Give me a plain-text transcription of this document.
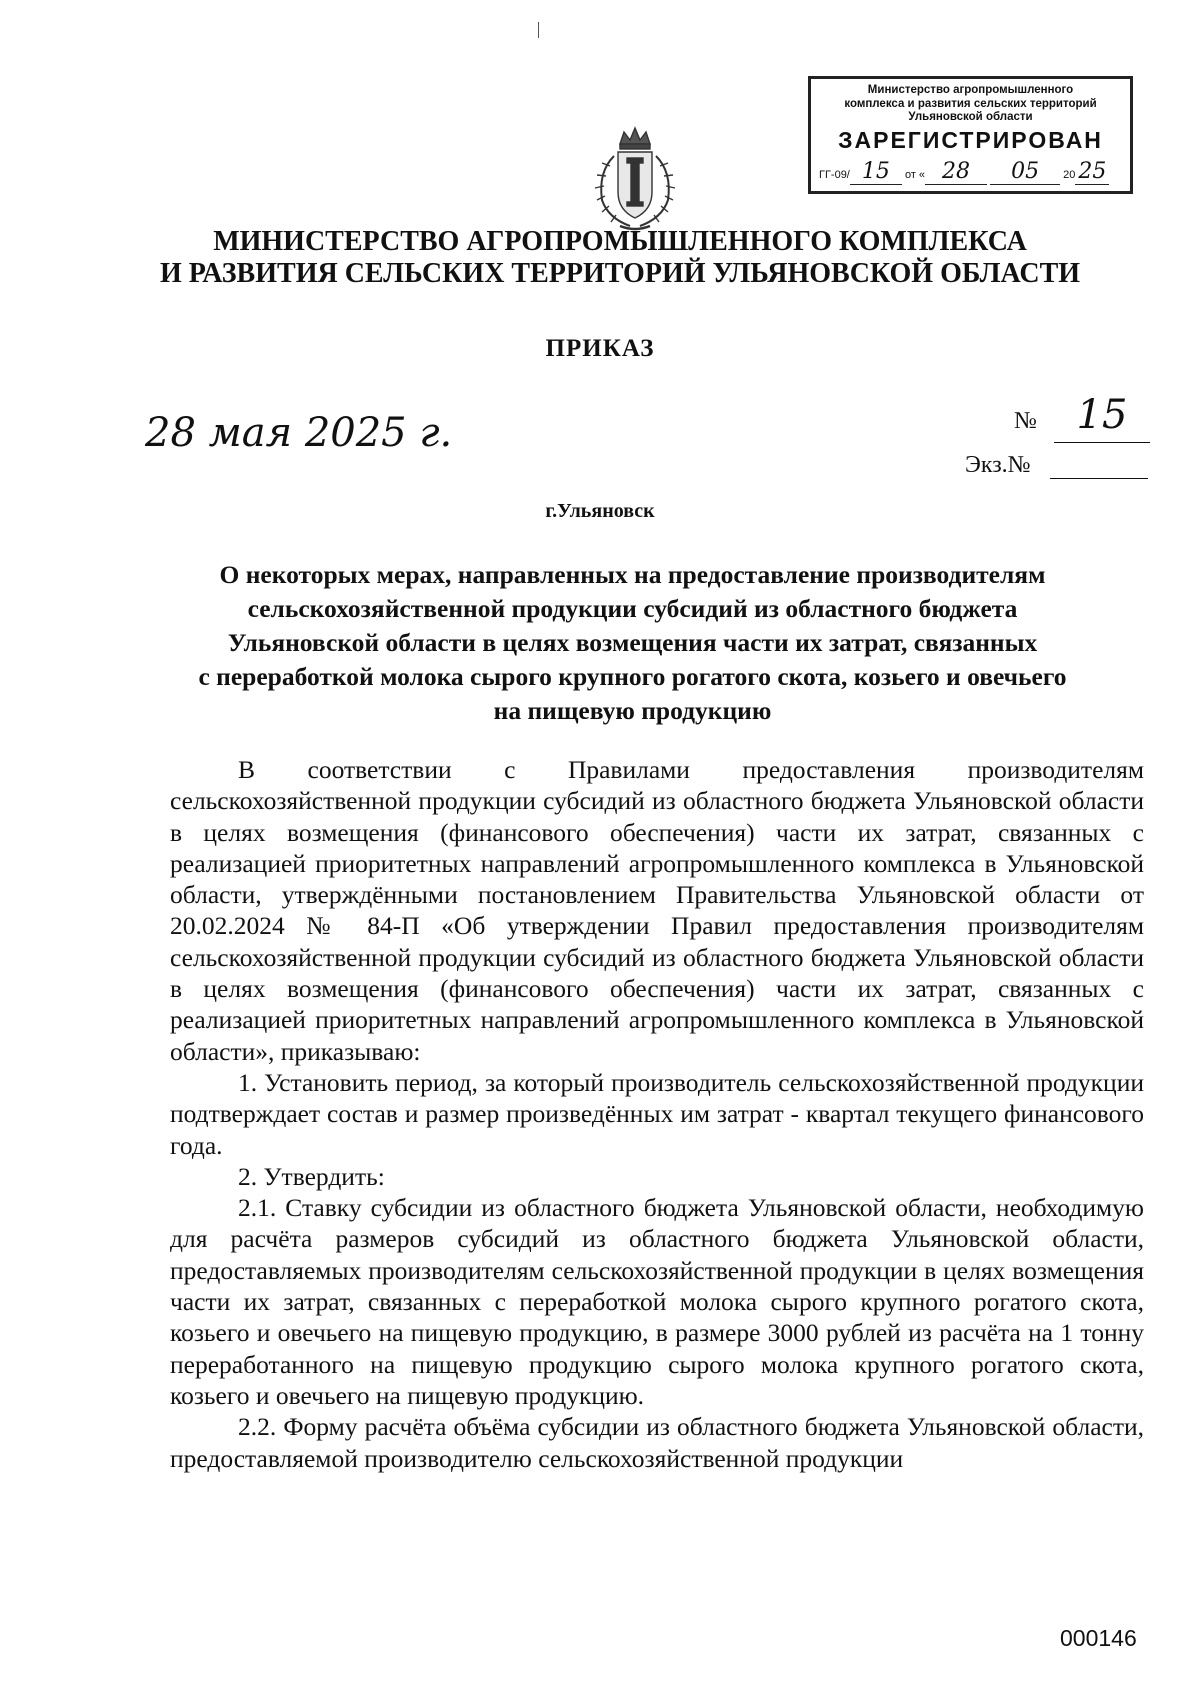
Министерство агропромышленного
комплекса и развития сельских территорий
Ульяновской области
ЗАРЕГИСТРИРОВАН
ГГ-09/ 15 от « 28 05 20 25
МИНИСТЕРСТВО АГРОПРОМЫШЛЕННОГО КОМПЛЕКСА
И РАЗВИТИЯ СЕЛЬСКИХ ТЕРРИТОРИЙ УЛЬЯНОВСКОЙ ОБЛАСТИ
ПРИКАЗ
28 мая 2025 г.	№ 15
Экз.№
г.Ульяновск
О некоторых мерах, направленных на предоставление производителям
сельскохозяйственной продукции субсидий из областного бюджета
Ульяновской области в целях возмещения части их затрат, связанных
с переработкой молока сырого крупного рогатого скота, козьего и овечьего
на пищевую продукцию

В соответствии с Правилами предоставления производителям сельскохозяйственной продукции субсидий из областного бюджета Ульяновской области в целях возмещения (финансового обеспечения) части их затрат, связанных с реализацией приоритетных направлений агропромышленного комплекса в Ульяновской области, утверждёнными постановлением Правительства Ульяновской области от 20.02.2024 № 84-П «Об утверждении Правил предоставления производителям сельскохозяйственной продукции субсидий из областного бюджета Ульяновской области в целях возмещения (финансового обеспечения) части их затрат, связанных с реализацией приоритетных направлений агропромышленного комплекса в Ульяновской области», приказываю:

1. Установить период, за который производитель сельскохозяйственной продукции подтверждает состав и размер произведённых им затрат - квартал текущего финансового года.

2. Утвердить:

2.1. Ставку субсидии из областного бюджета Ульяновской области, необходимую для расчёта размеров субсидий из областного бюджета Ульяновской области, предоставляемых производителям сельскохозяйственной продукции в целях возмещения части их затрат, связанных с переработкой молока сырого крупного рогатого скота, козьего и овечьего на пищевую продукцию, в размере 3000 рублей из расчёта на 1 тонну переработанного на пищевую продукцию сырого молока крупного рогатого скота, козьего и овечьего на пищевую продукцию.

2.2. Форму расчёта объёма субсидии из областного бюджета Ульяновской области, предоставляемой производителю сельскохозяйственной продукции

000146
